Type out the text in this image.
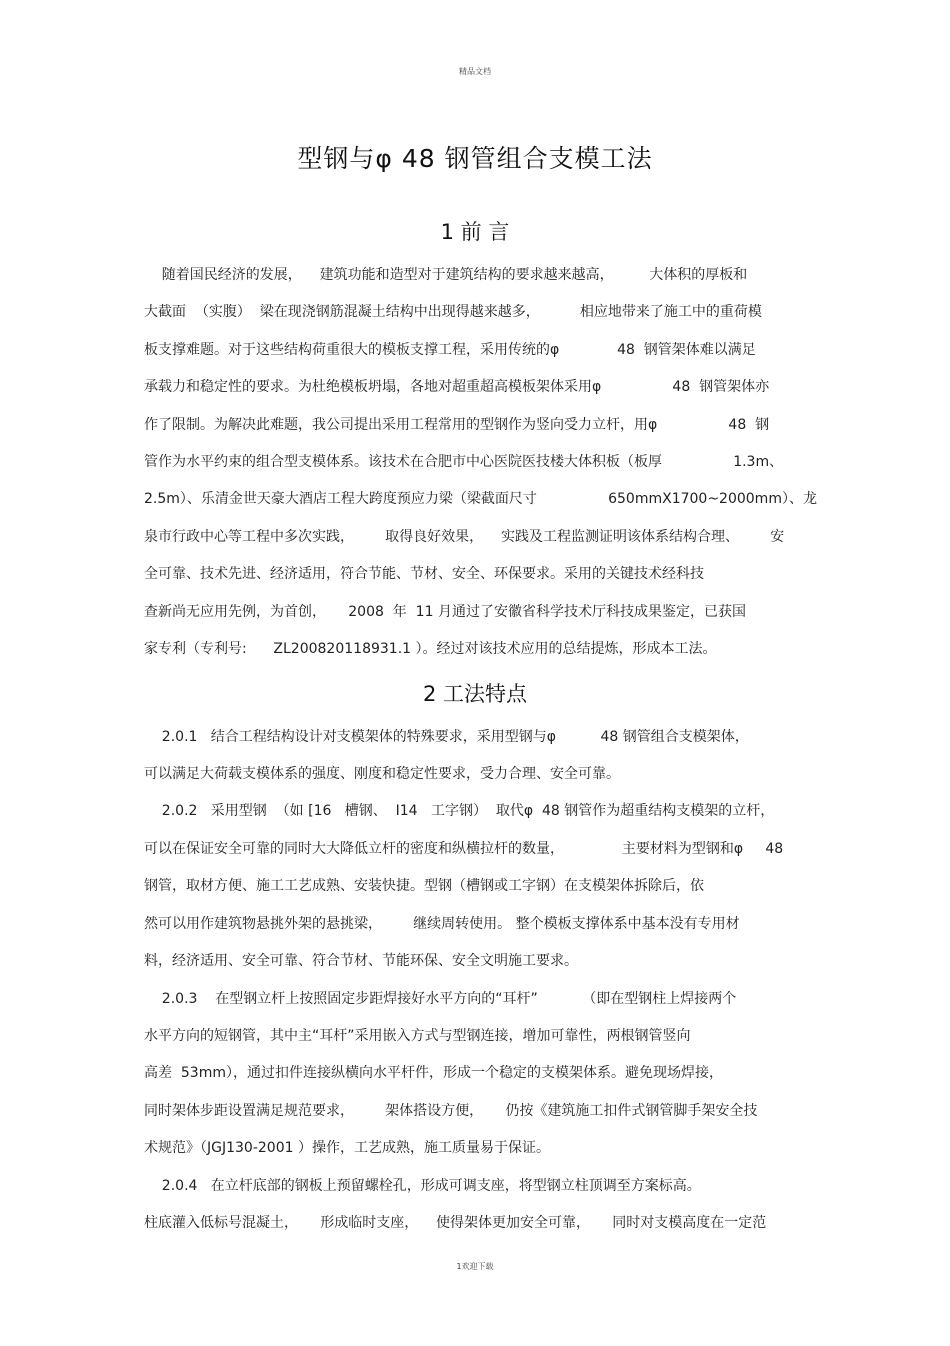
精品文档
型钢与φ 48 钢管组合支模工法
1 前 言
随着国民经济的发展，    建筑功能和造型对于建筑结构的要求越来越高，        大体积的厚板和
大截面  （实腹）  梁在现浇钢筋混凝土结构中出现得越来越多，         相应地带来了施工中的重荷模
板支撑难题。对于这些结构荷重很大的模板支撑工程，采用传统的φ             48  钢管架体难以满足
承载力和稳定性的要求。为杜绝模板坍塌，各地对超重超高模板架体采用φ                48  钢管架体亦
作了限制。为解决此难题，我公司提出采用工程常用的型钢作为竖向受力立杆，用φ                48  钢
管作为水平约束的组合型支模体系。该技术在合肥市中心医院医技楼大体积板（板厚                1.3m、
2.5m）、乐清金世天豪大酒店工程大跨度预应力梁（梁截面尺寸                650mmX1700~2000mm）、龙
泉市行政中心等工程中多次实践，       取得良好效果，    实践及工程监测证明该体系结构合理、       安
全可靠、技术先进、经济适用，符合节能、节材、安全、环保要求。采用的关键技术经科技
查新尚无应用先例，为首创，     2008  年  11 月通过了安徽省科学技术厅科技成果鉴定，已获国
家专利（专利号:      ZL200820118931.1 ）。经过对该技术应用的总结提炼，形成本工法。
2 工法特点
2.0.1   结合工程结构设计对支模架体的特殊要求，采用型钢与φ          48 钢管组合支模架体，
可以满足大荷载支模体系的强度、刚度和稳定性要求，受力合理、安全可靠。
2.0.2   采用型钢  （如 [16   槽钢、  I14   工字钢）  取代φ  48 钢管作为超重结构支模架的立杆，
可以在保证安全可靠的同时大大降低立杆的密度和纵横拉杆的数量，             主要材料为型钢和φ     48
钢管，取材方便、施工工艺成熟、安装快捷。型钢（槽钢或工字钢）在支模架体拆除后，依
然可以用作建筑物悬挑外架的悬挑梁，       继续周转使用。 整个模板支撑体系中基本没有专用材
料，经济适用、安全可靠、符合节材、节能环保、安全文明施工要求。
2.0.3    在型钢立杆上按照固定步距焊接好水平方向的“耳杆”          （即在型钢柱上焊接两个
水平方向的短钢管，其中主“耳杆”采用嵌入方式与型钢连接，增加可靠性，两根钢管竖向
高差  53mm），通过扣件连接纵横向水平杆件，形成一个稳定的支模架体系。避免现场焊接，
同时架体步距设置满足规范要求，       架体搭设方便，     仍按《建筑施工扣件式钢管脚手架安全技
术规范》（JGJ130-2001 ）操作，工艺成熟，施工质量易于保证。
2.0.4   在立杆底部的钢板上预留螺栓孔，形成可调支座，将型钢立柱顶调至方案标高。
柱底灌入低标号混凝土，     形成临时支座，    使得架体更加安全可靠，     同时对支模高度在一定范
1欢迎下载
